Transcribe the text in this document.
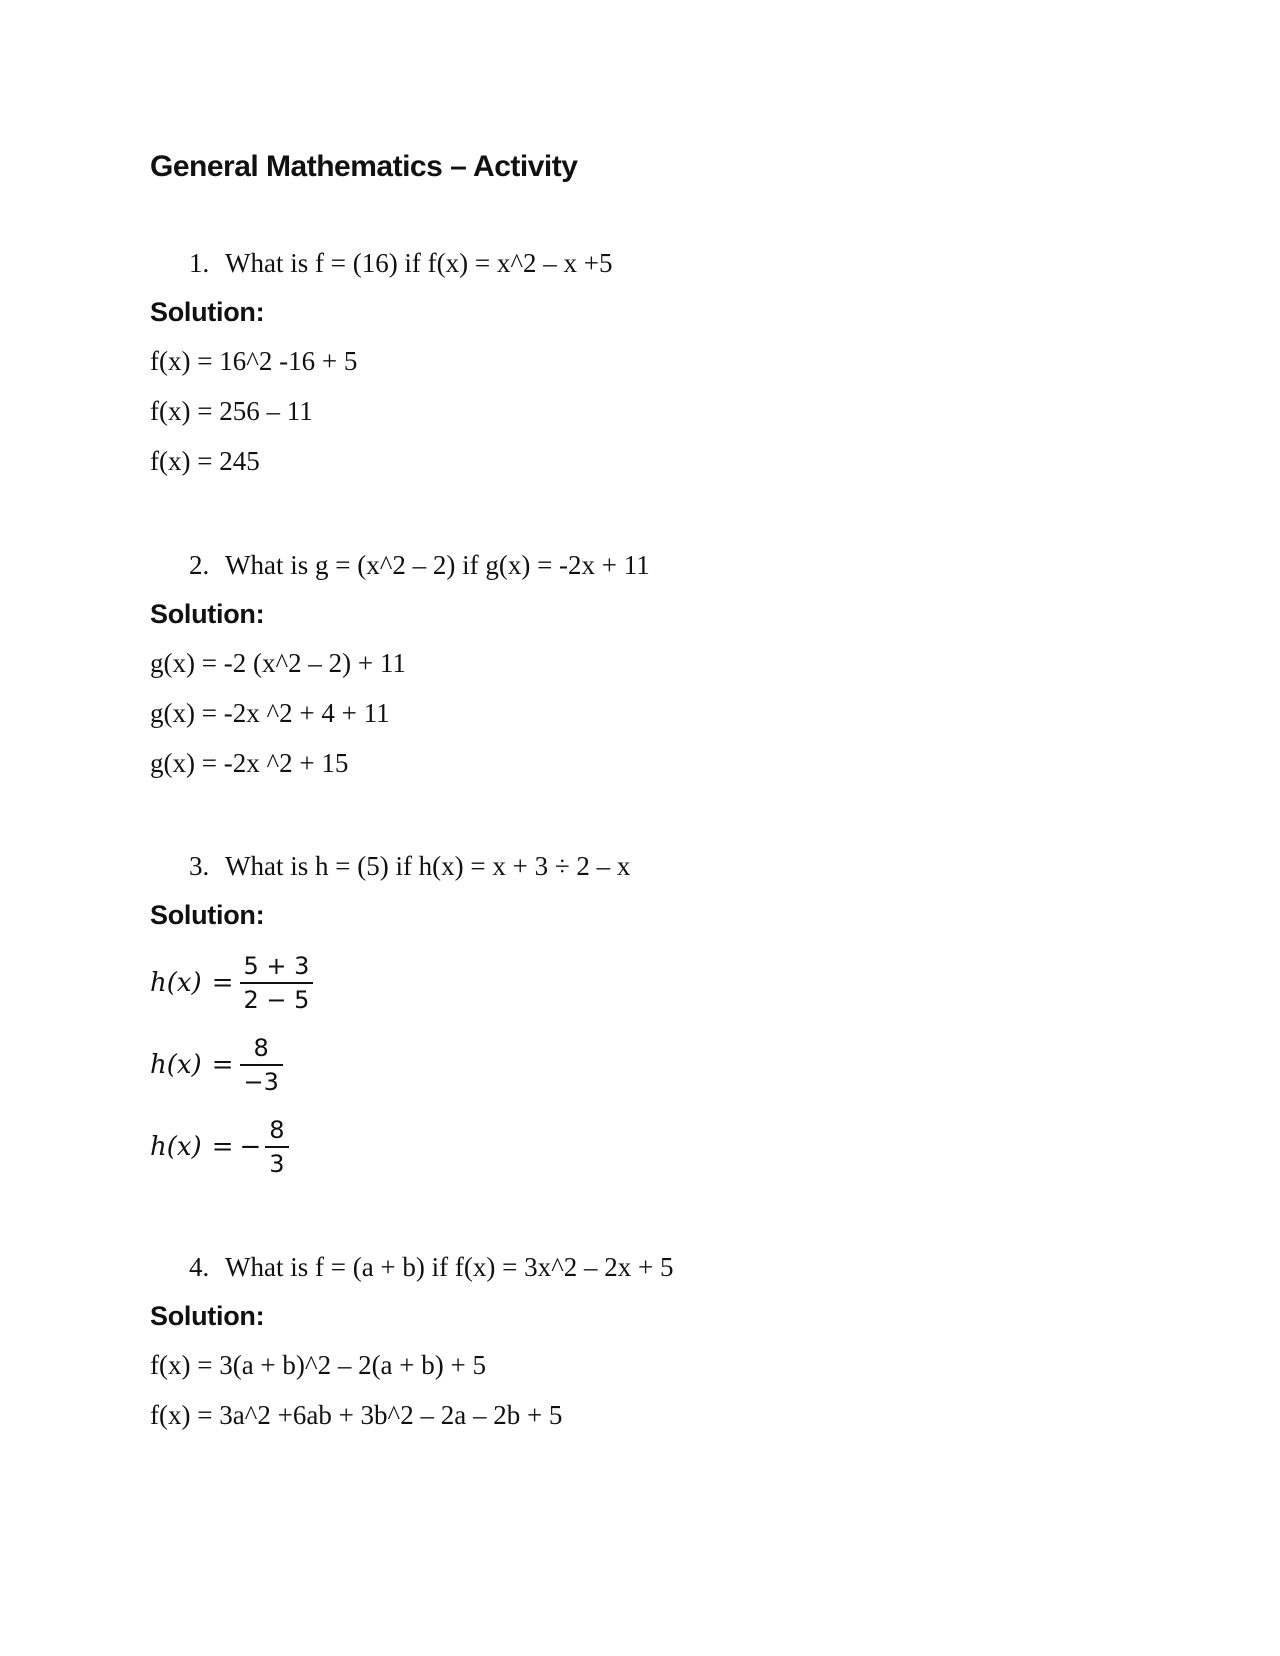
General Mathematics – Activity
1. What is f = (16) if f(x) = x^2 – x +5
Solution:
f(x) = 16^2 -16 + 5
f(x) = 256 – 11
f(x) = 245
2. What is g = (x^2 – 2) if g(x) = -2x + 11
Solution:
g(x) = -2 (x^2 – 2) + 11
g(x) = -2x ^2 + 4 + 11
g(x) = -2x ^2 + 15
3. What is h = (5) if h(x) = x + 3 ÷ 2 – x
Solution:
$h(x) = \frac{5 + 3}{2 - 5}$
$h(x) = \frac{8}{-3}$
h(x) = − $\frac{8}{3}$
4. What is f = (a + b) if f(x) = 3x^2 – 2x + 5
Solution:
f(x) = 3(a + b)^2 – 2(a + b) + 5
f(x) = 3a^2 +6ab + 3b^2 – 2a – 2b + 5
